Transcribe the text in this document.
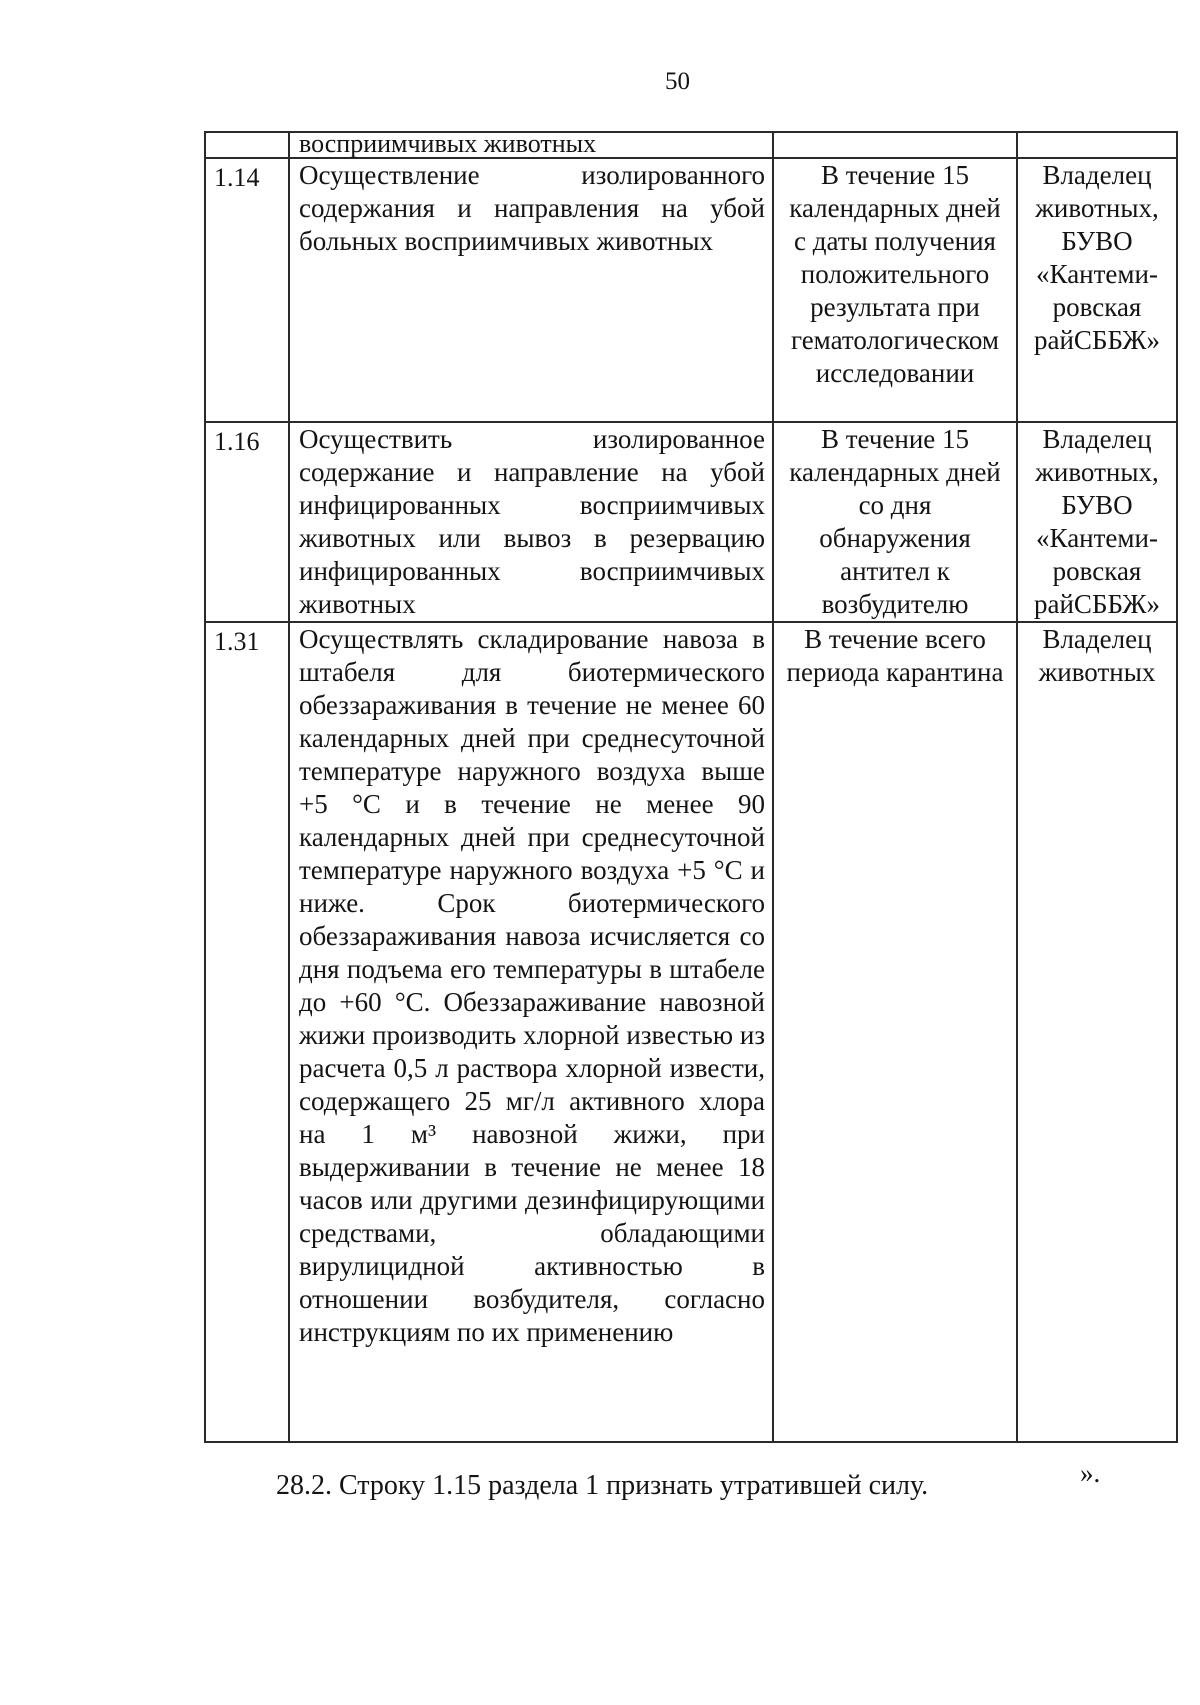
50
	восприимчивых животных		
1.14	Осуществление изолированного содержания и направления на убой больных восприимчивых животных	В течение 15 календарных дней с даты получения положительного результата при гематологическом исследовании	Владелец животных, БУВО «Кантеми-ровская райСББЖ»
1.16	Осуществить изолированное содержание и направление на убой инфицированных восприимчивых животных или вывоз в резервацию инфицированных восприимчивых животных	В течение 15 календарных дней со дня обнаружения антител к возбудителю	Владелец животных, БУВО «Кантеми-ровская райСББЖ»
1.31	Осуществлять складирование навоза в штабеля для биотермического обеззараживания в течение не менее 60 календарных дней при среднесуточной температуре наружного воздуха выше +5 °С и в течение не менее 90 календарных дней при среднесуточной температуре наружного воздуха +5 °С и ниже. Срок биотермического обеззараживания навоза исчисляется со дня подъема его температуры в штабеле до +60 °С. Обеззараживание навозной жижи производить хлорной известью из расчета 0,5 л раствора хлорной извести, содержащего 25 мг/л активного хлора на 1 м³ навозной жижи, при выдерживании в течение не менее 18 часов или другими дезинфицирующими средствами, обладающими вирулицидной активностью в отношении возбудителя, согласно инструкциям по их применению	В течение всего периода карантина	Владелец животных
».
28.2. Строку 1.15 раздела 1 признать утратившей силу.
